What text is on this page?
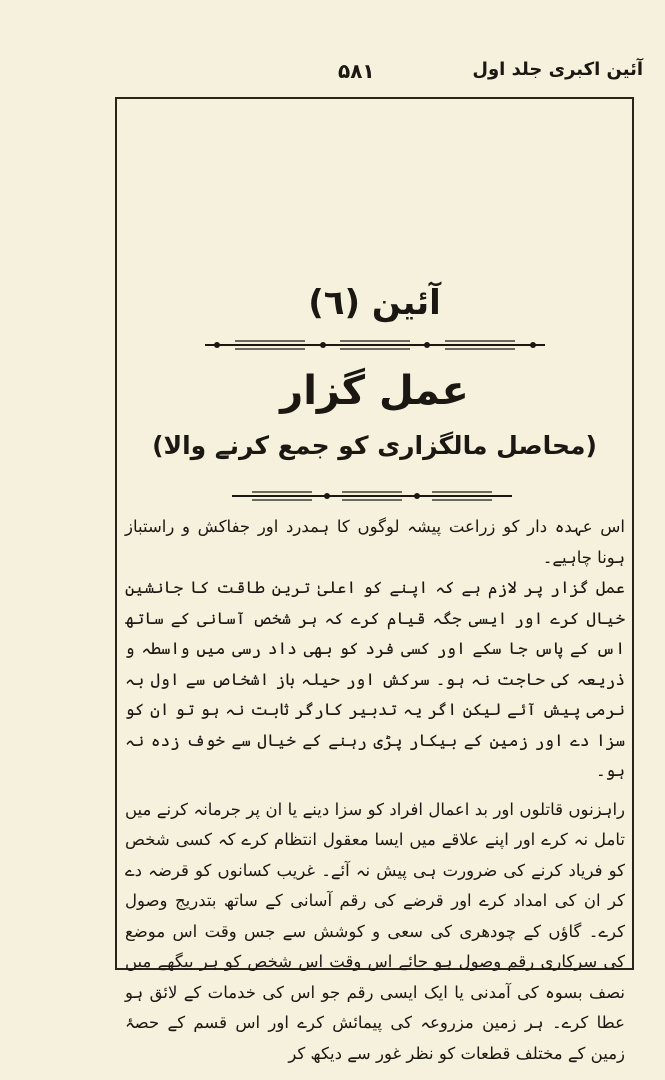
۵۸۱	آئین اکبری جلد اول
آئین (٦)
عمل گزار
(محاصل مالگزاری کو جمع کرنے والا)

اس عہدہ دار کو زراعت پیشہ لوگوں کا ہمدرد اور جفاکش و راستباز ہونا چاہیے۔

عمل گزار پر لازم ہے کہ اپنے کو اعلیٰ ترین طاقت کا جانشین خیال کرے اور ایسی جگہ قیام کرے کہ ہر شخص آسانی کے ساتھ اس کے پاس جا سکے اور کسی فرد کو بھی داد رسی میں واسطہ و ذریعہ کی حاجت نہ ہو۔ سرکش اور حیلہ باز اشخاص سے اول بہ نرمی پیش آئے لیکن اگر یہ تدبیر کارگر ثابت نہ ہو تو ان کو سزا دے اور زمین کے بیکار پڑی رہنے کے خیال سے خوف زدہ نہ ہو۔

راہزنوں قاتلوں اور بد اعمال افراد کو سزا دینے یا ان پر جرمانہ کرنے میں تامل نہ کرے اور اپنے علاقے میں ایسا معقول انتظام کرے کہ کسی شخص کو فریاد کرنے کی ضرورت ہی پیش نہ آئے۔ غریب کسانوں کو قرضہ دے کر ان کی امداد کرے اور قرضے کی رقم آسانی کے ساتھ بتدریج وصول کرے۔ گاؤں کے چودھری کی سعی و کوشش سے جس وقت اس موضع کی سرکاری رقم وصول ہو جائے اس وقت اس شخص کو ہر بیگھے میں نصف بسوہ کی آمدنی یا ایک ایسی رقم جو اس کی خدمات کے لائق ہو عطا کرے۔ ہر زمین مزروعہ کی پیمائش کرے اور اس قسم کے حصۂ زمین کے مختلف قطعات کو نظر غور سے دیکھ کر
